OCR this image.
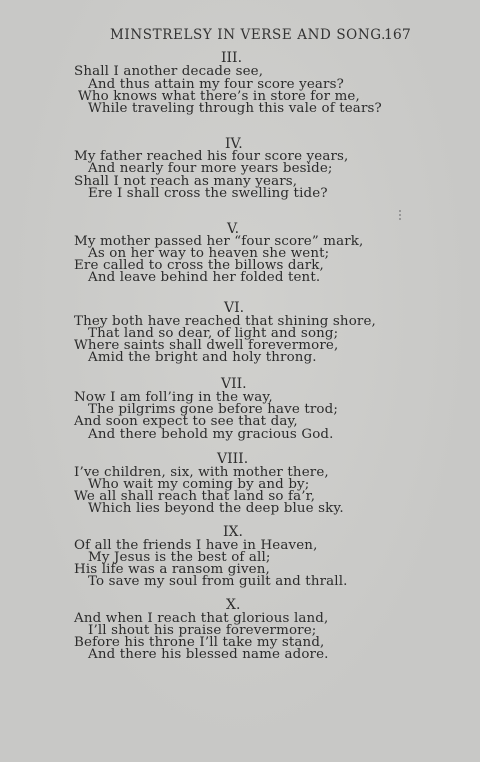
MINSTRELSY IN VERSE AND SONG.
167
III.
Shall I another decade see,
And thus attain my four score years?
Who knows what there’s in store for me,
While traveling through this vale of tears?
IV.
My father reached his four score years,
And nearly four more years beside;
Shall I not reach as many years,
Ere I shall cross the swelling tide?
V.
My mother passed her “four score” mark,
As on her way to heaven she went;
Ere called to cross the billows dark,
And leave behind her folded tent.
VI.
They both have reached that shining shore,
That land so dear, of light and song;
Where saints shall dwell forevermore,
Amid the bright and holy throng.
VII.
Now I am foll’ing in the way,
The pilgrims gone before have trod;
And soon expect to see that day,
And there behold my gracious God.
VIII.
I’ve children, six, with mother there,
Who wait my coming by and by;
We all shall reach that land so fa’r,
Which lies beyond the deep blue sky.
IX.
Of all the friends I have in Heaven,
My Jesus is the best of all;
His life was a ransom given,
To save my soul from guilt and thrall.
X.
And when I reach that glorious land,
I’ll shout his praise forevermore;
Before his throne I’ll take my stand,
And there his blessed name adore.
